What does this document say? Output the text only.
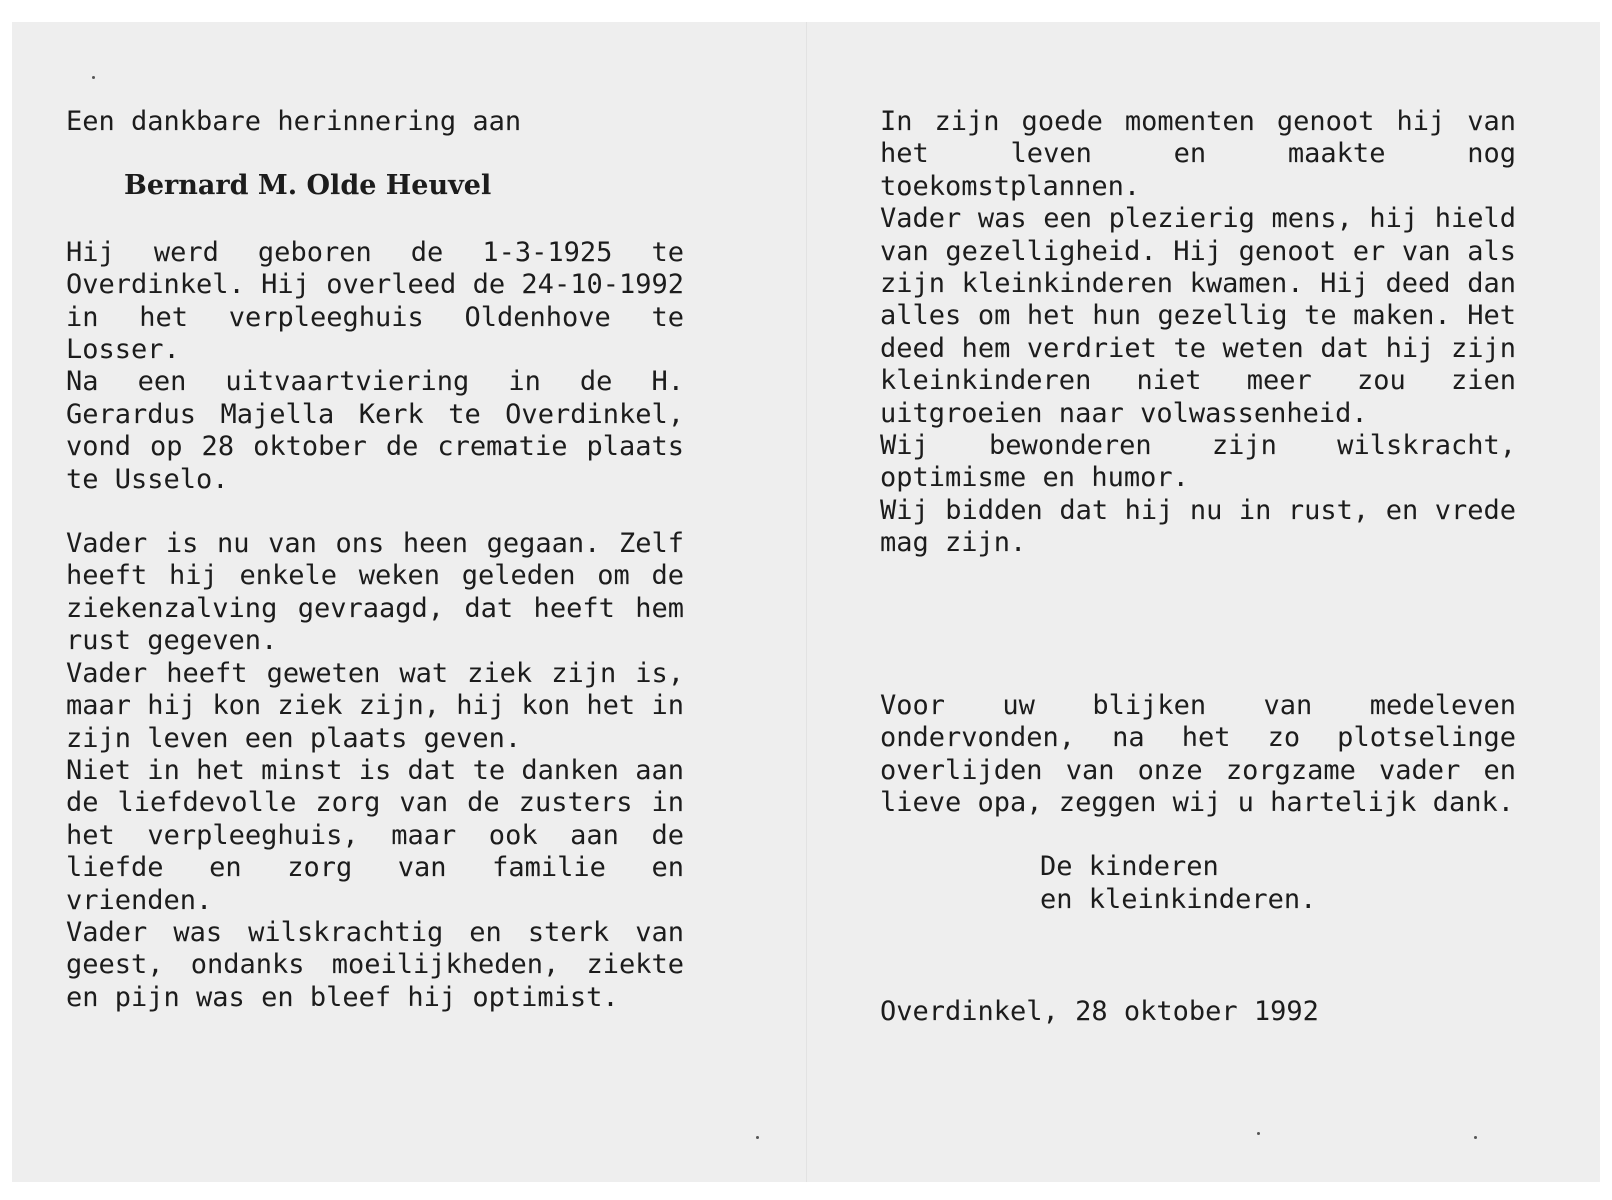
Een dankbare herinnering aan

Bernard M. Olde Heuvel

Hij werd geboren de 1-3-1925 te Overdinkel. Hij overleed de 24-10-1992 in het verpleeghuis Oldenhove te Losser.

Na een uitvaartviering in de H. Gerardus Majella Kerk te Overdinkel, vond op 28 oktober de crematie plaats te Usselo.

Vader is nu van ons heen gegaan. Zelf heeft hij enkele weken geleden om de ziekenzalving gevraagd, dat heeft hem rust gegeven.

Vader heeft geweten wat ziek zijn is, maar hij kon ziek zijn, hij kon het in zijn leven een plaats geven.

Niet in het minst is dat te danken aan de liefdevolle zorg van de zusters in het verpleeghuis, maar ook aan de liefde en zorg van familie en vrienden.

Vader was wilskrachtig en sterk van geest, ondanks moeilijkheden, ziekte en pijn was en bleef hij optimist.

In zijn goede momenten genoot hij van het leven en maakte nog toekomstplannen.

Vader was een plezierig mens, hij hield van gezelligheid. Hij genoot er van als zijn kleinkinderen kwamen. Hij deed dan alles om het hun gezellig te maken. Het deed hem verdriet te weten dat hij zijn kleinkinderen niet meer zou zien uitgroeien naar volwassenheid.

Wij bewonderen zijn wilskracht, optimisme en humor.

Wij bidden dat hij nu in rust, en vrede mag zijn.

Voor uw blijken van medeleven ondervonden, na het zo plotselinge overlijden van onze zorgzame vader en lieve opa, zeggen wij u hartelijk dank.

De kinderen

en kleinkinderen.

Overdinkel, 28 oktober 1992
